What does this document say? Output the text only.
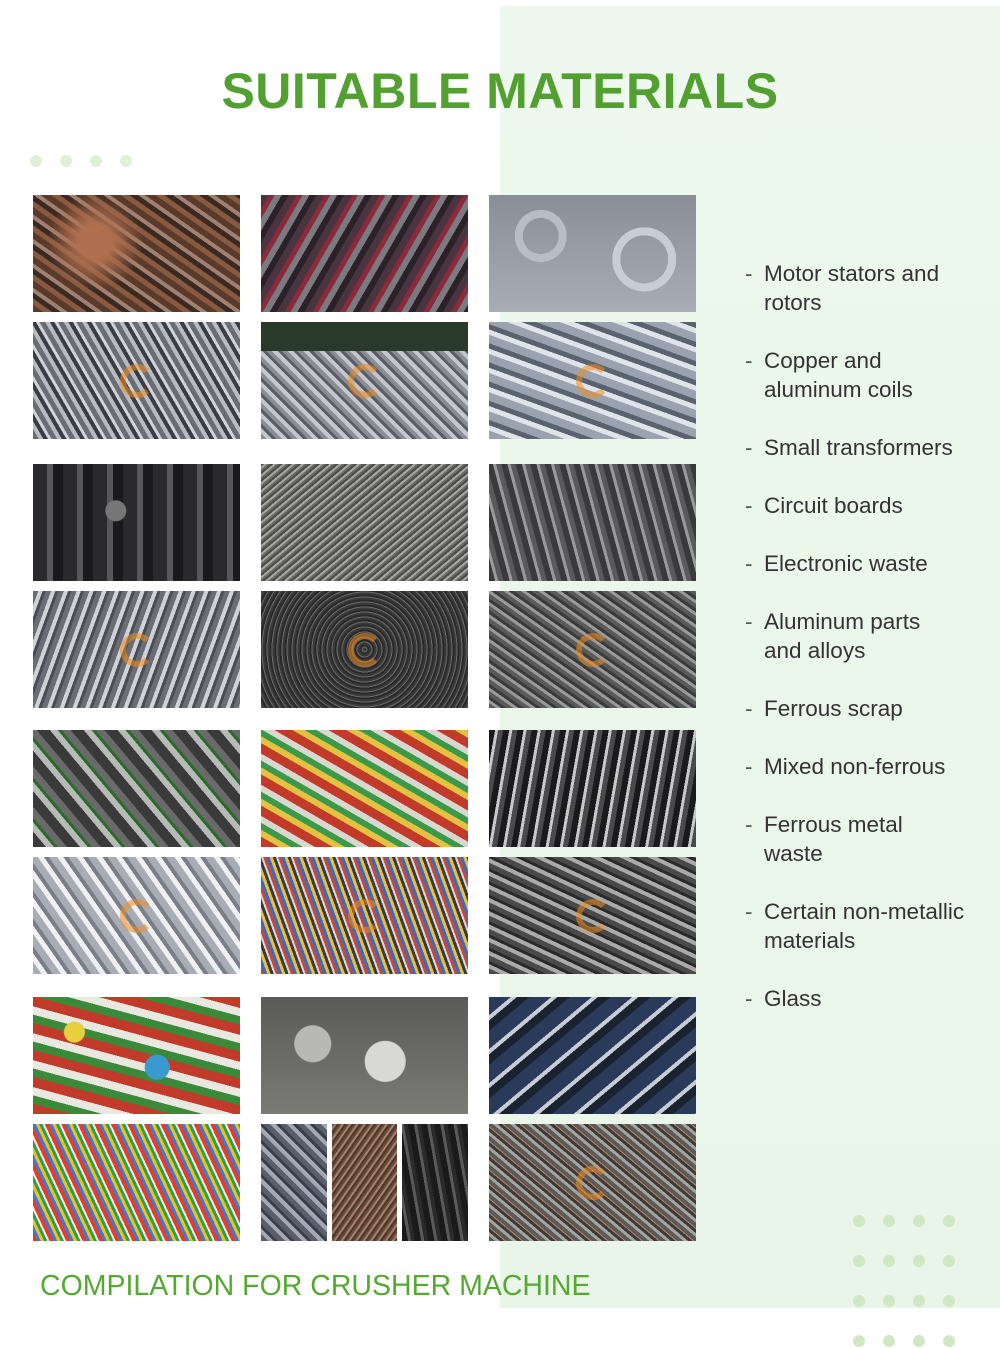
SUITABLE MATERIALS
- Motor stators and rotors
- Copper and aluminum coils
- Small transformers
- Circuit boards
- Electronic waste
- Aluminum parts and alloys
- Ferrous scrap
- Mixed non-ferrous
- Ferrous metal waste
- Certain non-metallic materials
- Glass
COMPILATION FOR CRUSHER MACHINE
